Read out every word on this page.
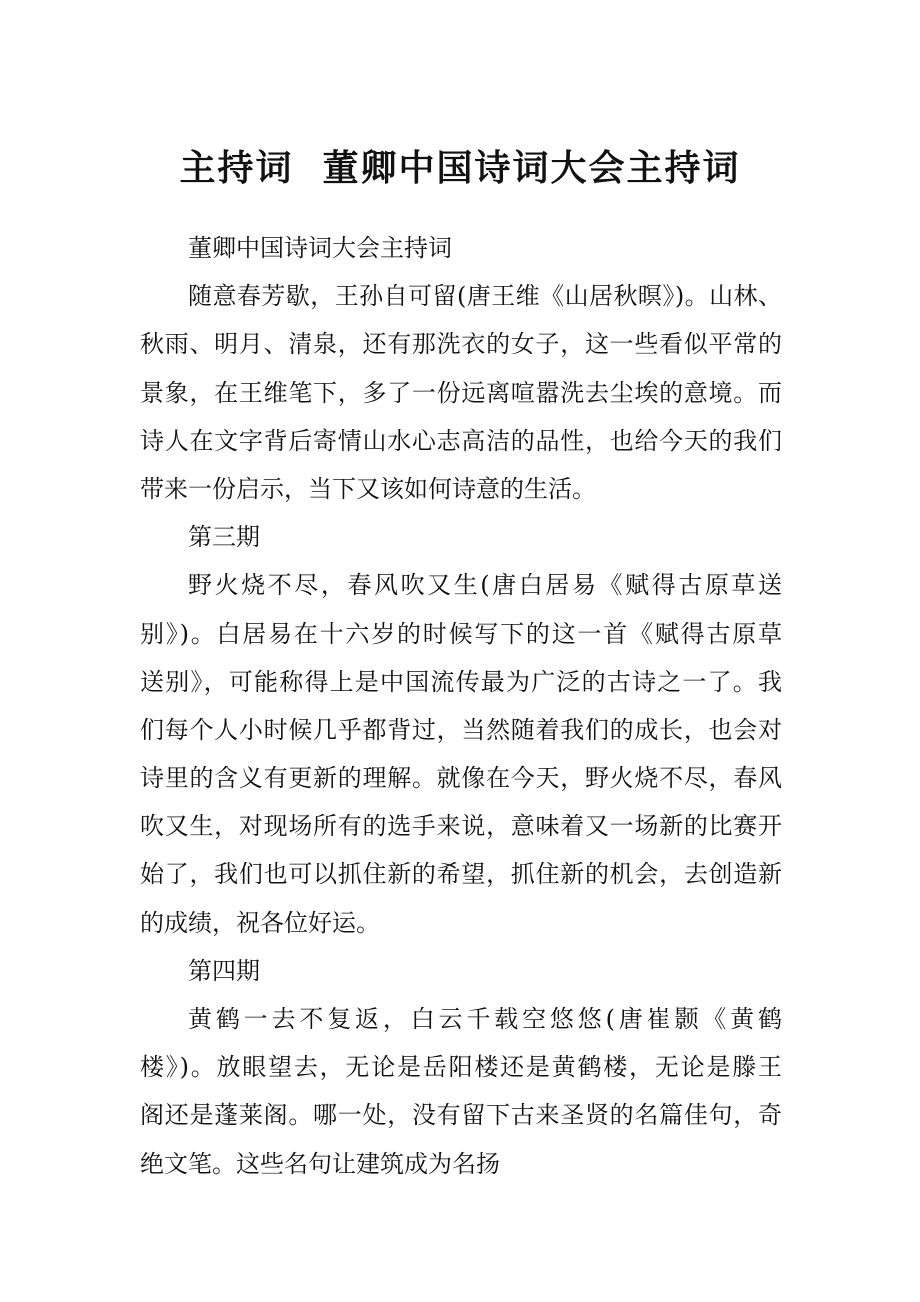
主持词  董卿中国诗词大会主持词

董卿中国诗词大会主持词

随意春芳歇，王孙自可留(唐王维《山居秋暝》)。山林、

秋雨、明月、清泉，还有那洗衣的女子，这一些看似平常的

景象，在王维笔下，多了一份远离喧嚣洗去尘埃的意境。而

诗人在文字背后寄情山水心志高洁的品性，也给今天的我们

带来一份启示，当下又该如何诗意的生活。

第三期

野火烧不尽，春风吹又生(唐白居易《赋得古原草送

别》)。白居易在十六岁的时候写下的这一首《赋得古原草

送别》，可能称得上是中国流传最为广泛的古诗之一了。我

们每个人小时候几乎都背过，当然随着我们的成长，也会对

诗里的含义有更新的理解。就像在今天，野火烧不尽，春风

吹又生，对现场所有的选手来说，意味着又一场新的比赛开

始了，我们也可以抓住新的希望，抓住新的机会，去创造新

的成绩，祝各位好运。

第四期

黄鹤一去不复返，白云千载空悠悠(唐崔颢《黄鹤

楼》)。放眼望去，无论是岳阳楼还是黄鹤楼，无论是滕王

阁还是蓬莱阁。哪一处，没有留下古来圣贤的名篇佳句，奇

绝文笔。这些名句让建筑成为名扬
